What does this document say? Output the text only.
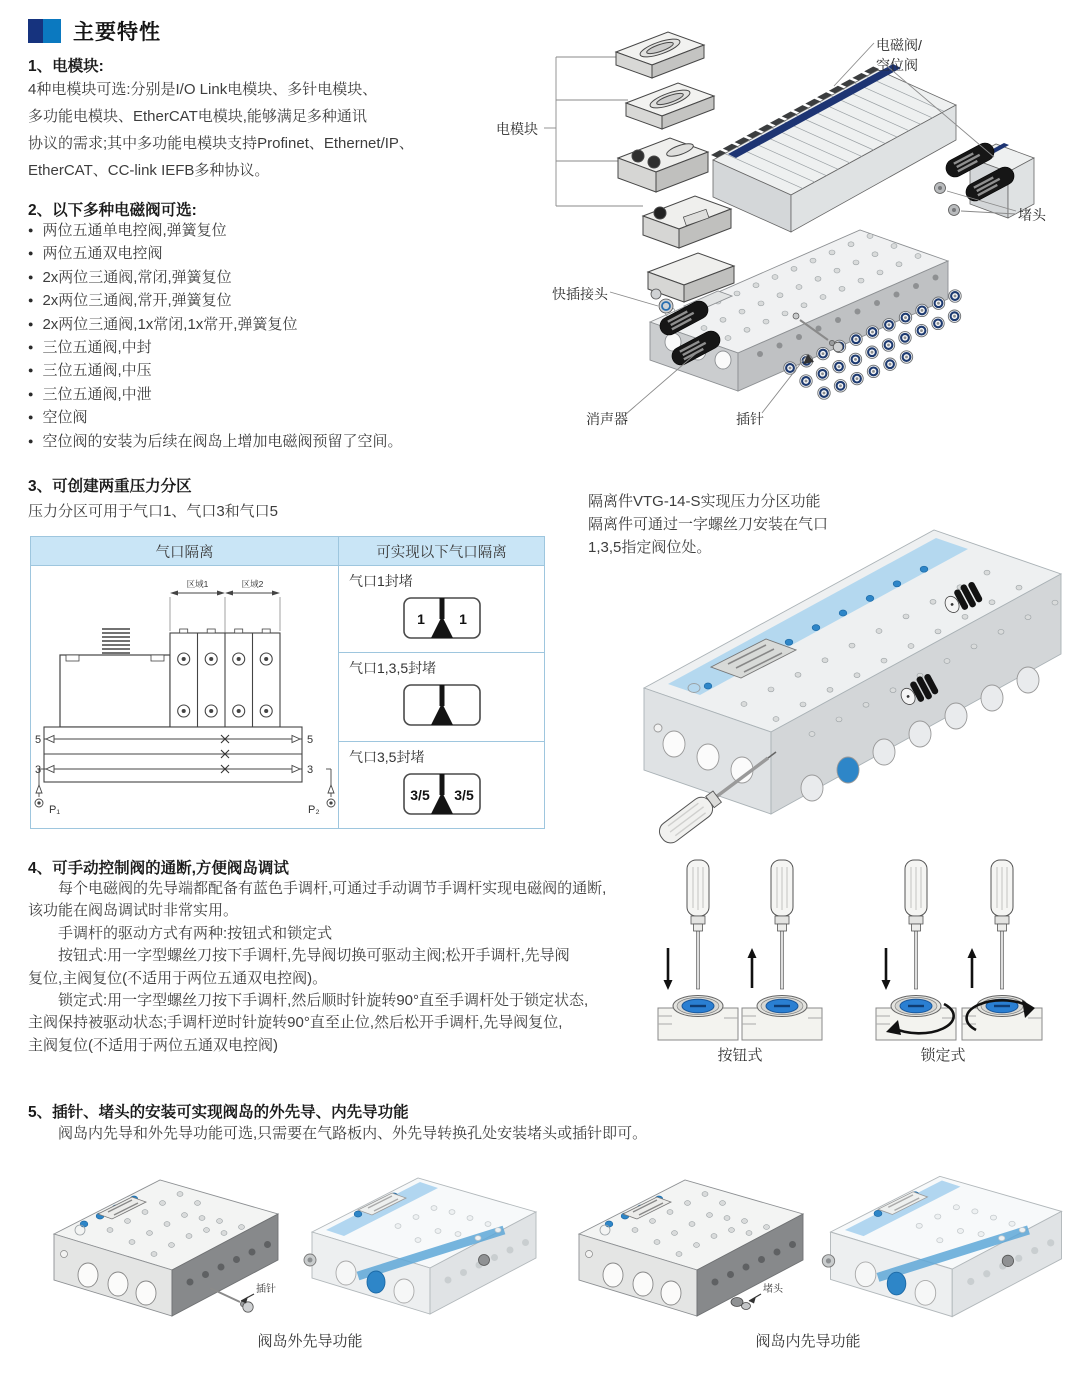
主要特性
1、电模块:
4种电模块可选:分别是I/O Link电模块、多针电模块、
多功能电模块、EtherCAT电模块,能够满足多种通讯
协议的需求;其中多功能电模块支持Profinet、Ethernet/IP、
EtherCAT、CC-link IEFB多种协议。
2、以下多种电磁阀可选:
● 两位五通单电控阀,弹簧复位
● 两位五通双电控阀
● 2x两位三通阀,常闭,弹簧复位
● 2x两位三通阀,常开,弹簧复位
● 2x两位三通阀,1x常闭,1x常开,弹簧复位
● 三位五通阀,中封
● 三位五通阀,中压
● 三位五通阀,中泄
● 空位阀
● 空位阀的安装为后续在阀岛上增加电磁阀预留了空间。
电磁阀/
空位阀
电模块
堵头
快插接头
消声器	插针
3、可创建两重压力分区
压力分区可用于气口1、气口3和气口5
气口隔离	可实现以下气口隔离

区域1	区域2
5	5
3	3
P₁	P₂

气口1封堵
1 1

	气口1,3,5封堵

	气口3,5封堵
3/5 3/5
隔离件VTG-14-S实现压力分区功能
隔离件可通过一字螺丝刀安装在气口
1,3,5指定阀位处。
4、可手动控制阀的通断,方便阀岛调试
每个电磁阀的先导端都配备有蓝色手调杆,可通过手动调节手调杆实现电磁阀的通断,
该功能在阀岛调试时非常实用。
手调杆的驱动方式有两种:按钮式和锁定式
按钮式:用一字型螺丝刀按下手调杆,先导阀切换可驱动主阀;松开手调杆,先导阀
复位,主阀复位(不适用于两位五通双电控阀)。
锁定式:用一字型螺丝刀按下手调杆,然后顺时针旋转90°直至手调杆处于锁定状态,
主阀保持被驱动状态;手调杆逆时针旋转90°直至止位,然后松开手调杆,先导阀复位,
主阀复位(不适用于两位五通双电控阀)
按钮式	锁定式
5、插针、堵头的安装可实现阀岛的外先导、内先导功能
阀岛内先导和外先导功能可选,只需要在气路板内、外先导转换孔处安装堵头或插针即可。
插针
阀岛外先导功能
堵头
阀岛内先导功能
